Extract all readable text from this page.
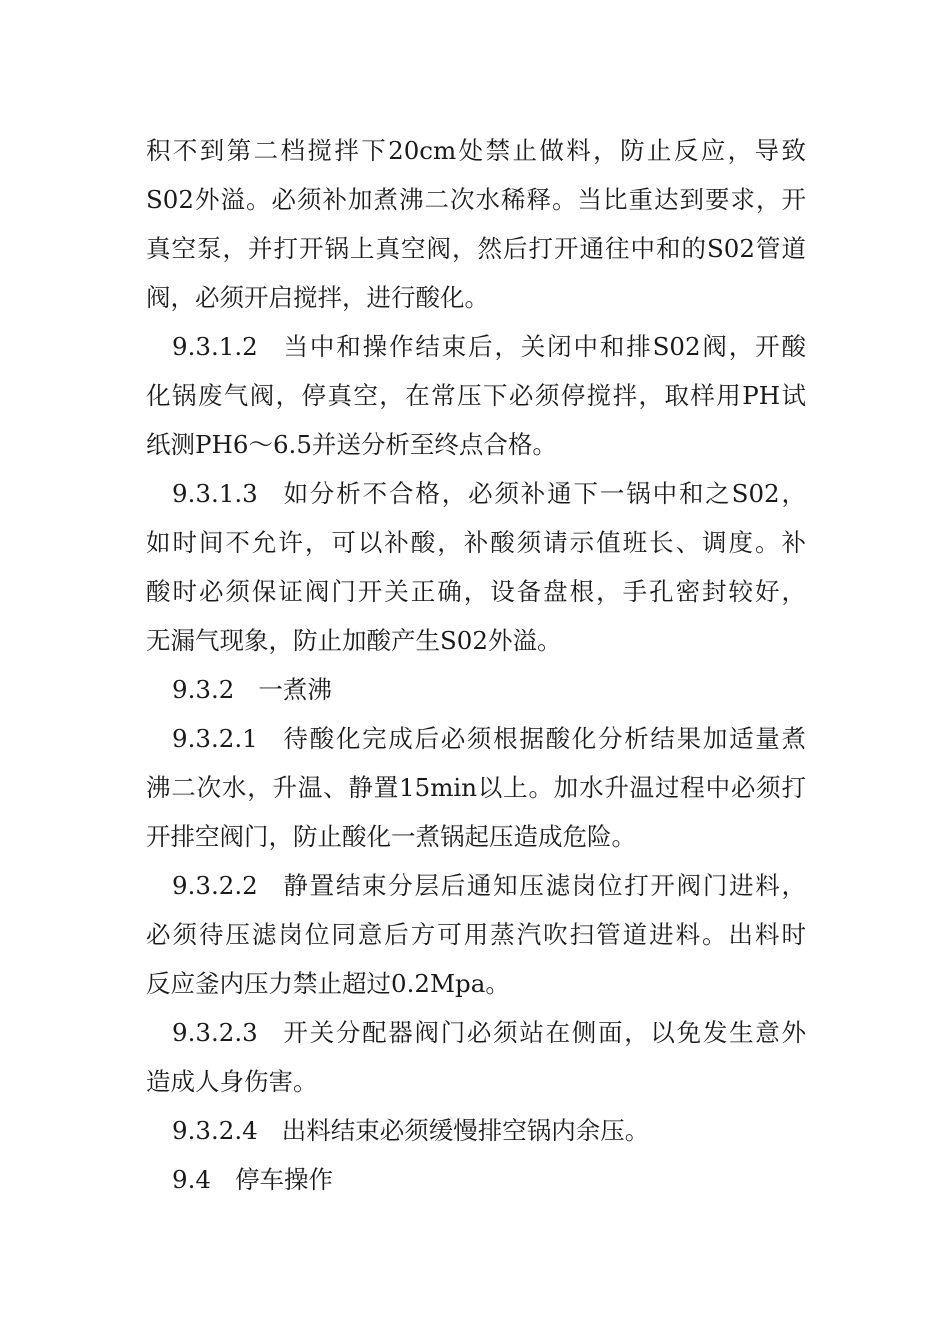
积不到第二档搅拌下20cm处禁止做料，防止反应，导致
S02外溢。必须补加煮沸二次水稀释。当比重达到要求，开
真空泵，并打开锅上真空阀，然后打开通往中和的S02管道
阀，必须开启搅拌，进行酸化。
9.3.1.2 当中和操作结束后，关闭中和排S02阀，开酸
化锅废气阀，停真空，在常压下必须停搅拌，取样用PH试
纸测PH6～6.5并送分析至终点合格。
9.3.1.3 如分析不合格，必须补通下一锅中和之S02，
如时间不允许，可以补酸，补酸须请示值班长、调度。补
酸时必须保证阀门开关正确，设备盘根，手孔密封较好，
无漏气现象，防止加酸产生S02外溢。
9.3.2 一煮沸
9.3.2.1 待酸化完成后必须根据酸化分析结果加适量煮
沸二次水，升温、静置15min以上。加水升温过程中必须打
开排空阀门，防止酸化一煮锅起压造成危险。
9.3.2.2 静置结束分层后通知压滤岗位打开阀门进料，
必须待压滤岗位同意后方可用蒸汽吹扫管道进料。出料时
反应釜内压力禁止超过0.2Mpa。
9.3.2.3 开关分配器阀门必须站在侧面，以免发生意外
造成人身伤害。
9.3.2.4 出料结束必须缓慢排空锅内余压。
9.4 停车操作
